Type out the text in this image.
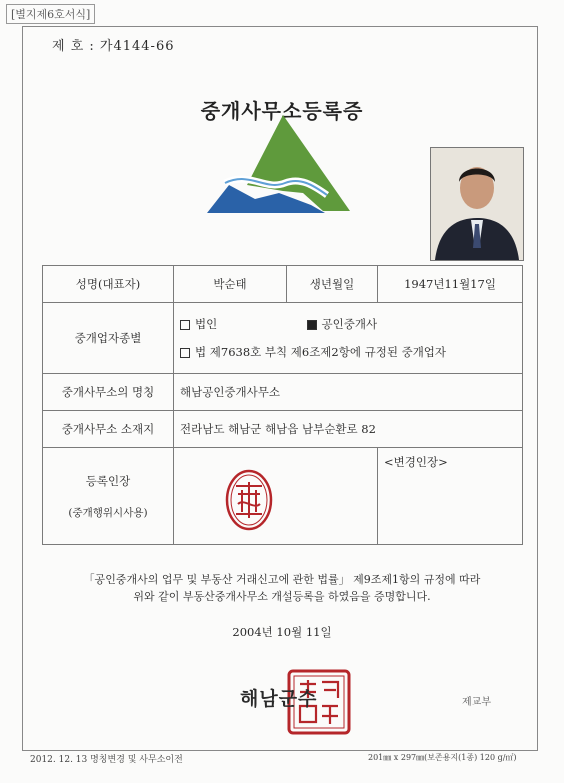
[별지제6호서식]
제 호 : 가4144-66
중개사무소등록증
성명(대표자)	박순태	생년월일	1947년11월17일
중개업자종별	법인 공인중개사
법 제7638호 부칙 제6조제2항에 규정된 중개업자		

중개사무소의 명칭	해남공인중개사무소		
중개사무소 소재지	전라남도 해남군 해남읍 남부순환로 82		

등록인장
(중개행위시사용)			<변경인장>
「공인중개사의 업무 및 부동산 거래신고에 관한 법률」 제9조제1항의 규정에 따라
위와 같이 부동산중개사무소 개설등록을 하였음을 증명합니다.
2004년 10월 11일
해남군수	제교부
2012. 12. 13 명칭변경 및 사무소이전	201㎜ x 297㎜(보존용지(1종) 120 g/㎡)
